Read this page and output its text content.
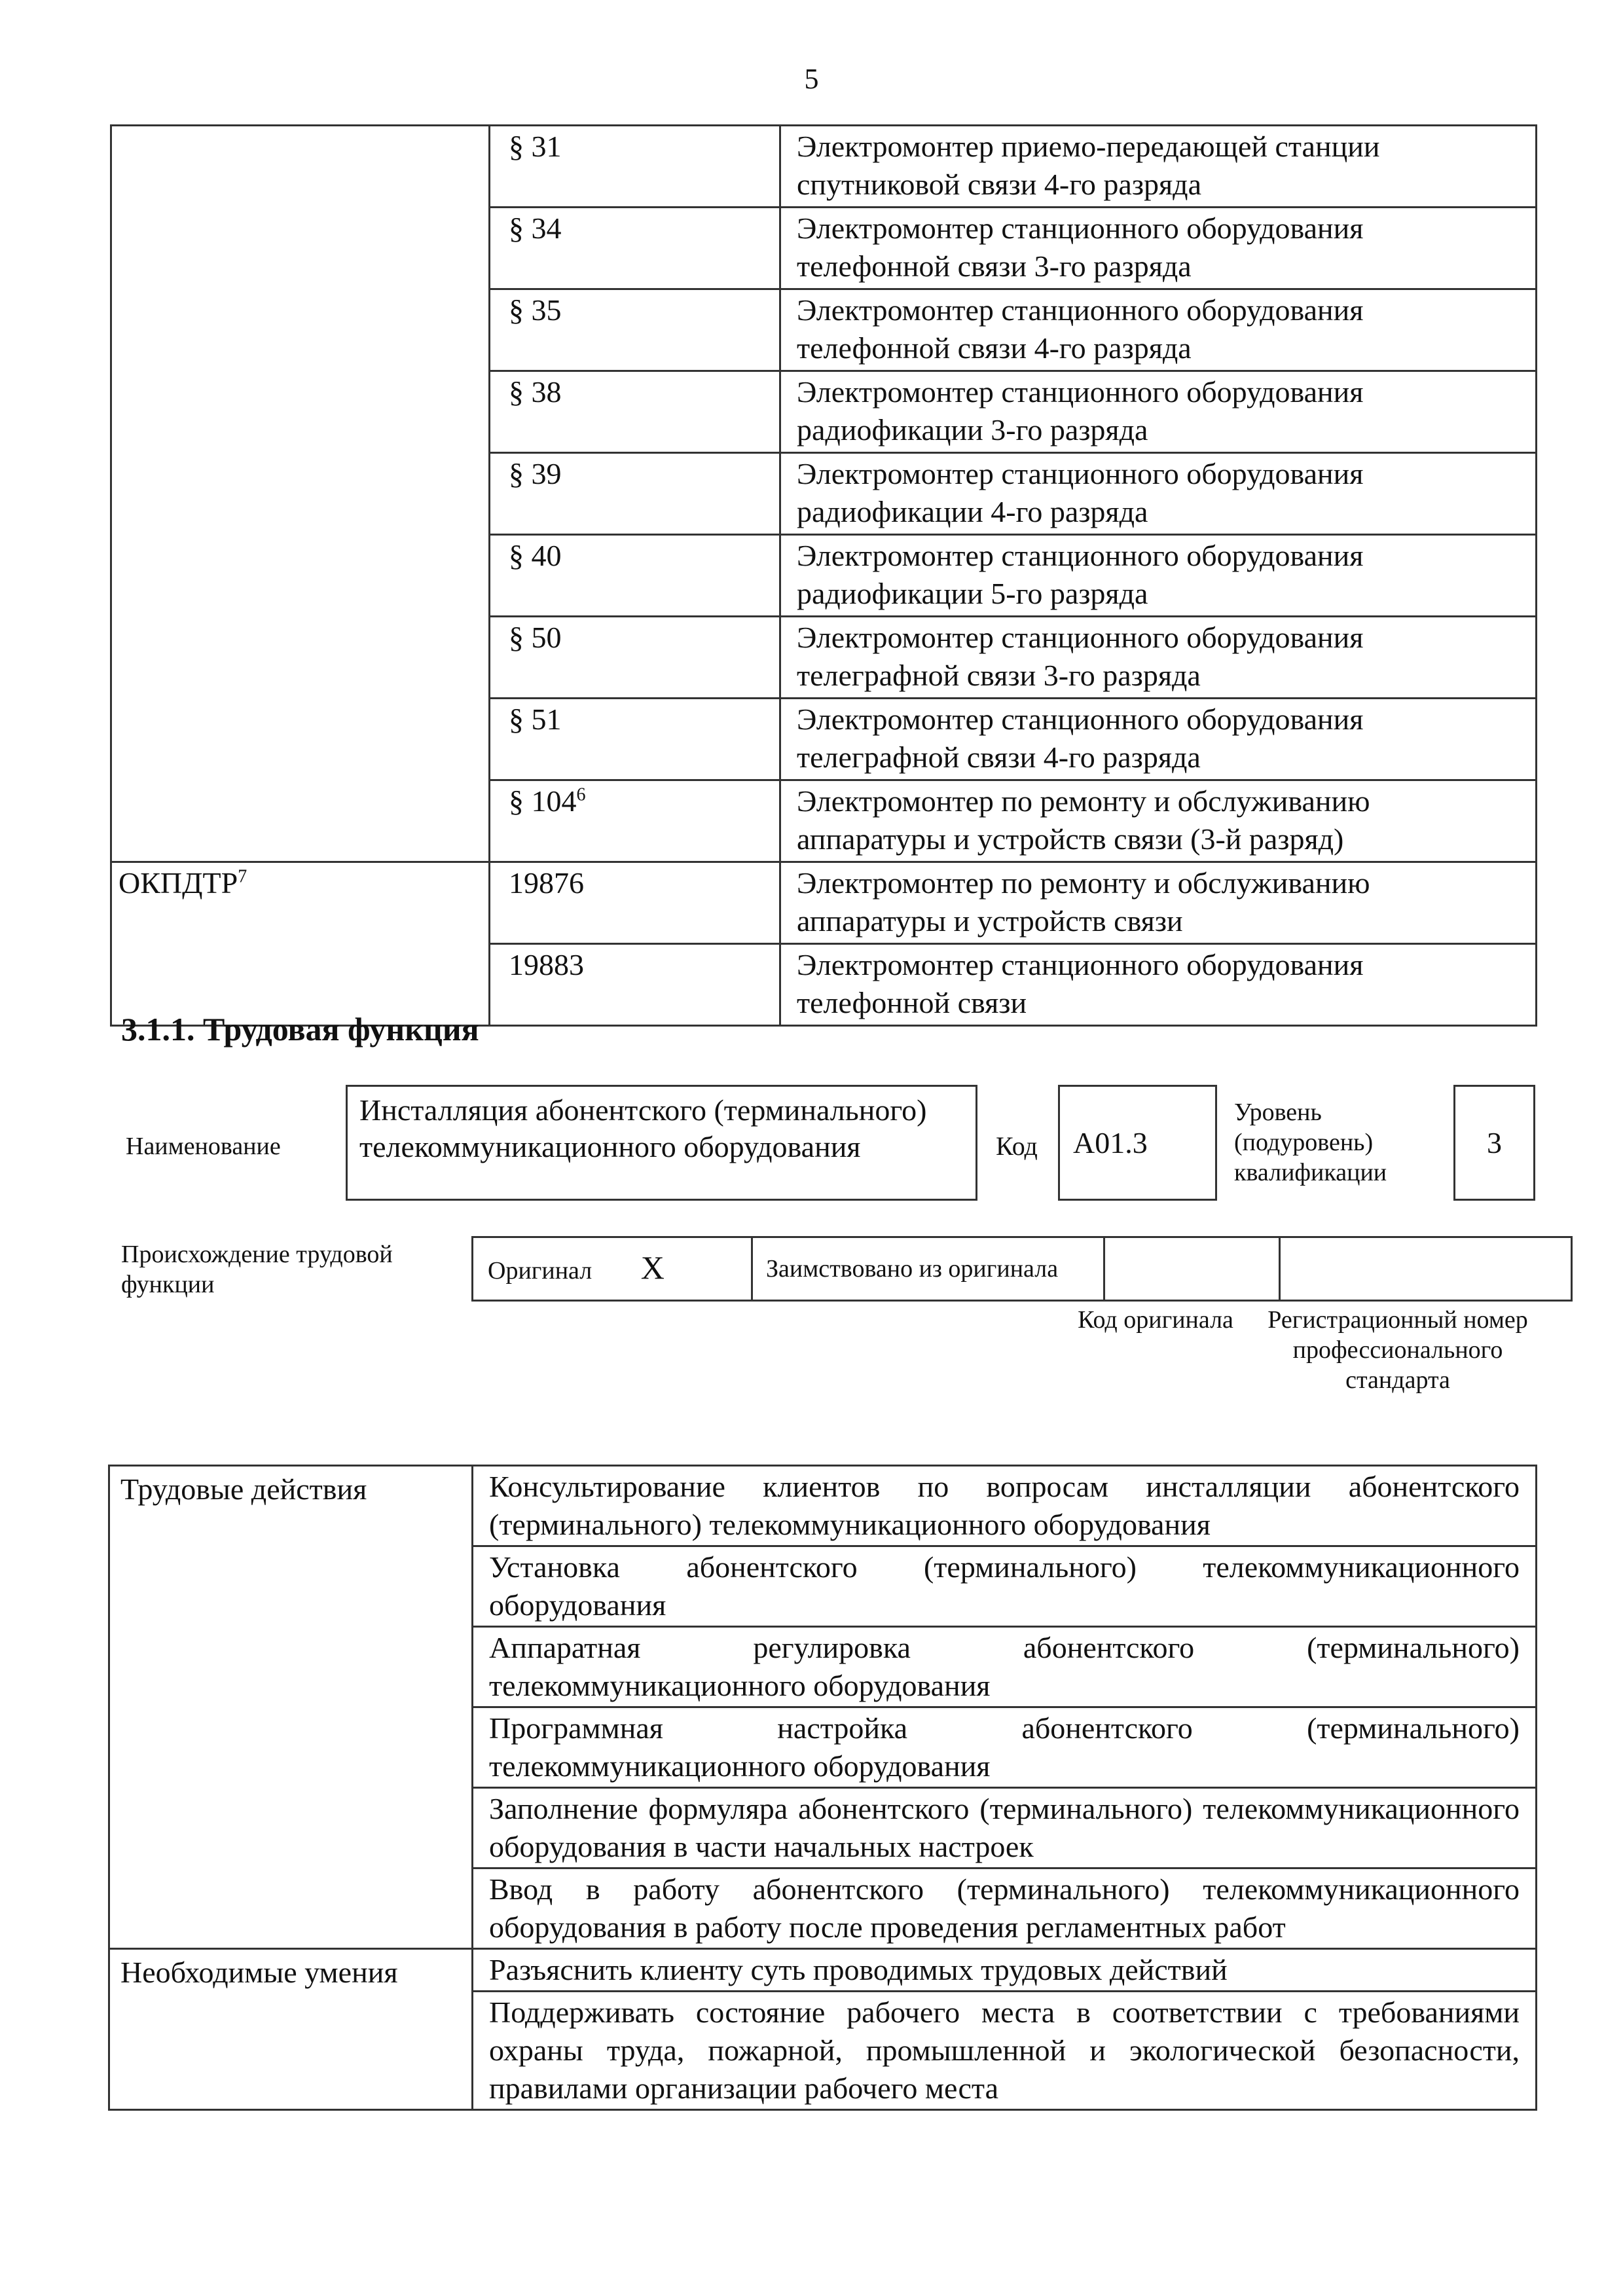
5
	§ 31	Электромонтер приемо-передающей станции спутниковой связи 4-го разряда
	§ 34	Электромонтер станционного оборудования телефонной связи 3-го разряда
	§ 35	Электромонтер станционного оборудования телефонной связи 4-го разряда
	§ 38	Электромонтер станционного оборудования радиофикации 3-го разряда
	§ 39	Электромонтер станционного оборудования радиофикации 4-го разряда
	§ 40	Электромонтер станционного оборудования радиофикации 5-го разряда
	§ 50	Электромонтер станционного оборудования телеграфной связи 3-го разряда
	§ 51	Электромонтер станционного оборудования телеграфной связи 4-го разряда
	§ 104$^6$	Электромонтер по ремонту и обслуживанию аппаратуры и устройств связи (3-й разряд)
ОКПДТР$^7$	19876	Электромонтер по ремонту и обслуживанию аппаратуры и устройств связи
	19883	Электромонтер станционного оборудования телефонной связи
3.1.1. Трудовая функция
Наименование
Инсталляция абонентского (терминального) телекоммуникационного оборудования	Код	А01.3
Уровень (подуровень) квалификации
3
Происхождение трудовой функции
Оригинал X	Заимствовано из оригинала		
Код оригинала	Регистрационный номер профессионального стандарта
Трудовые действия	Консультирование клиентов по вопросам инсталляции абонентского (терминального) телекоммуникационного оборудования
	Установка абонентского (терминального) телекоммуникационного оборудования
	Аппаратная регулировка абонентского (терминального) телекоммуникационного оборудования
	Программная настройка абонентского (терминального) телекоммуникационного оборудования
	Заполнение формуляра абонентского (терминального) телекоммуникационного оборудования в части начальных настроек
	Ввод в работу абонентского (терминального) телекоммуникационного оборудования в работу после проведения регламентных работ
Необходимые умения	Разъяснить клиенту суть проводимых трудовых действий
	Поддерживать состояние рабочего места в соответствии с требованиями охраны труда, пожарной, промышленной и экологической безопасности, правилами организации рабочего места
